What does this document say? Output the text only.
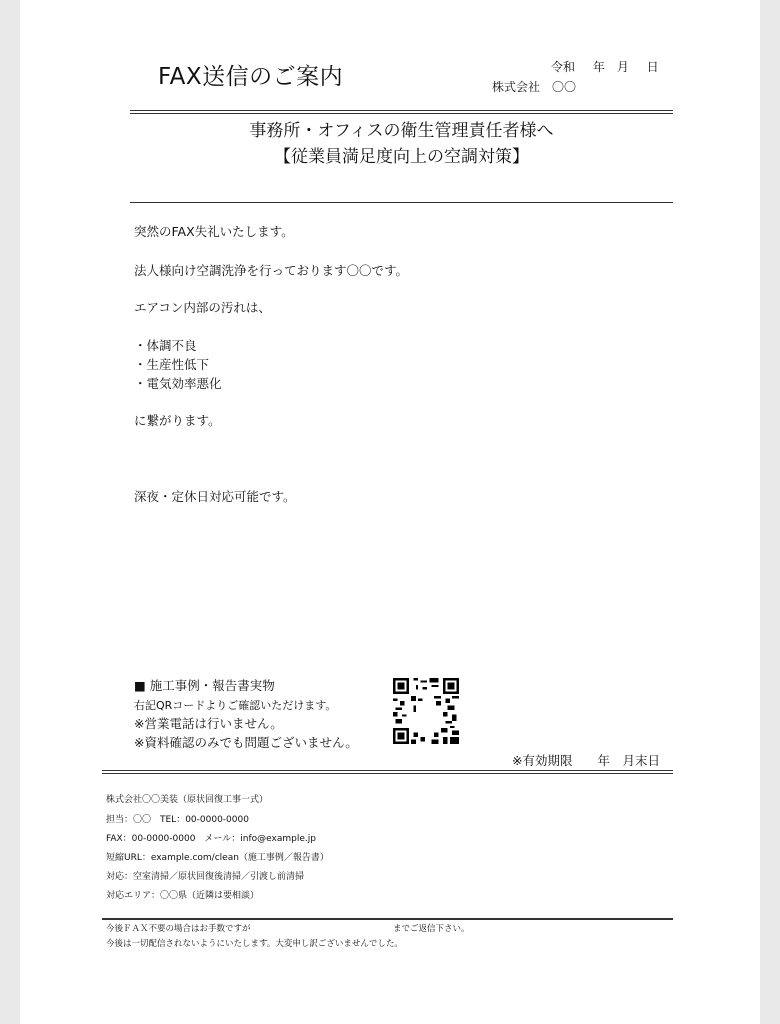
FAX送信のご案内	令和　 年　月　 日
株式会社　〇〇
事務所・オフィスの衛生管理責任者様へ
【従業員満足度向上の空調対策】
突然のFAX失礼いたします。
法人様向け空調洗浄を行っております〇〇です。
エアコン内部の汚れは、
・体調不良
・生産性低下
・電気効率悪化
に繋がります。
深夜・定休日対応可能です。
■ 施工事例・報告書実物
右記QRコードよりご確認いただけます。
※営業電話は行いません。
※資料確認のみでも問題ございません。
※有効期限　　年　月末日
株式会社〇〇美装（原状回復工事一式）
担当：〇〇　TEL：00-0000-0000
FAX：00-0000-0000　メール：info@example.jp
短縮URL：example.com/clean（施工事例／報告書）
対応：空室清掃／原状回復後清掃／引渡し前清掃
対応エリア：〇〇県（近隣は要相談）
今後ＦＡＸ不要の場合はお手数ですが	までご返信下さい。
今後は一切配信されないようにいたします。大変申し訳ございませんでした。
